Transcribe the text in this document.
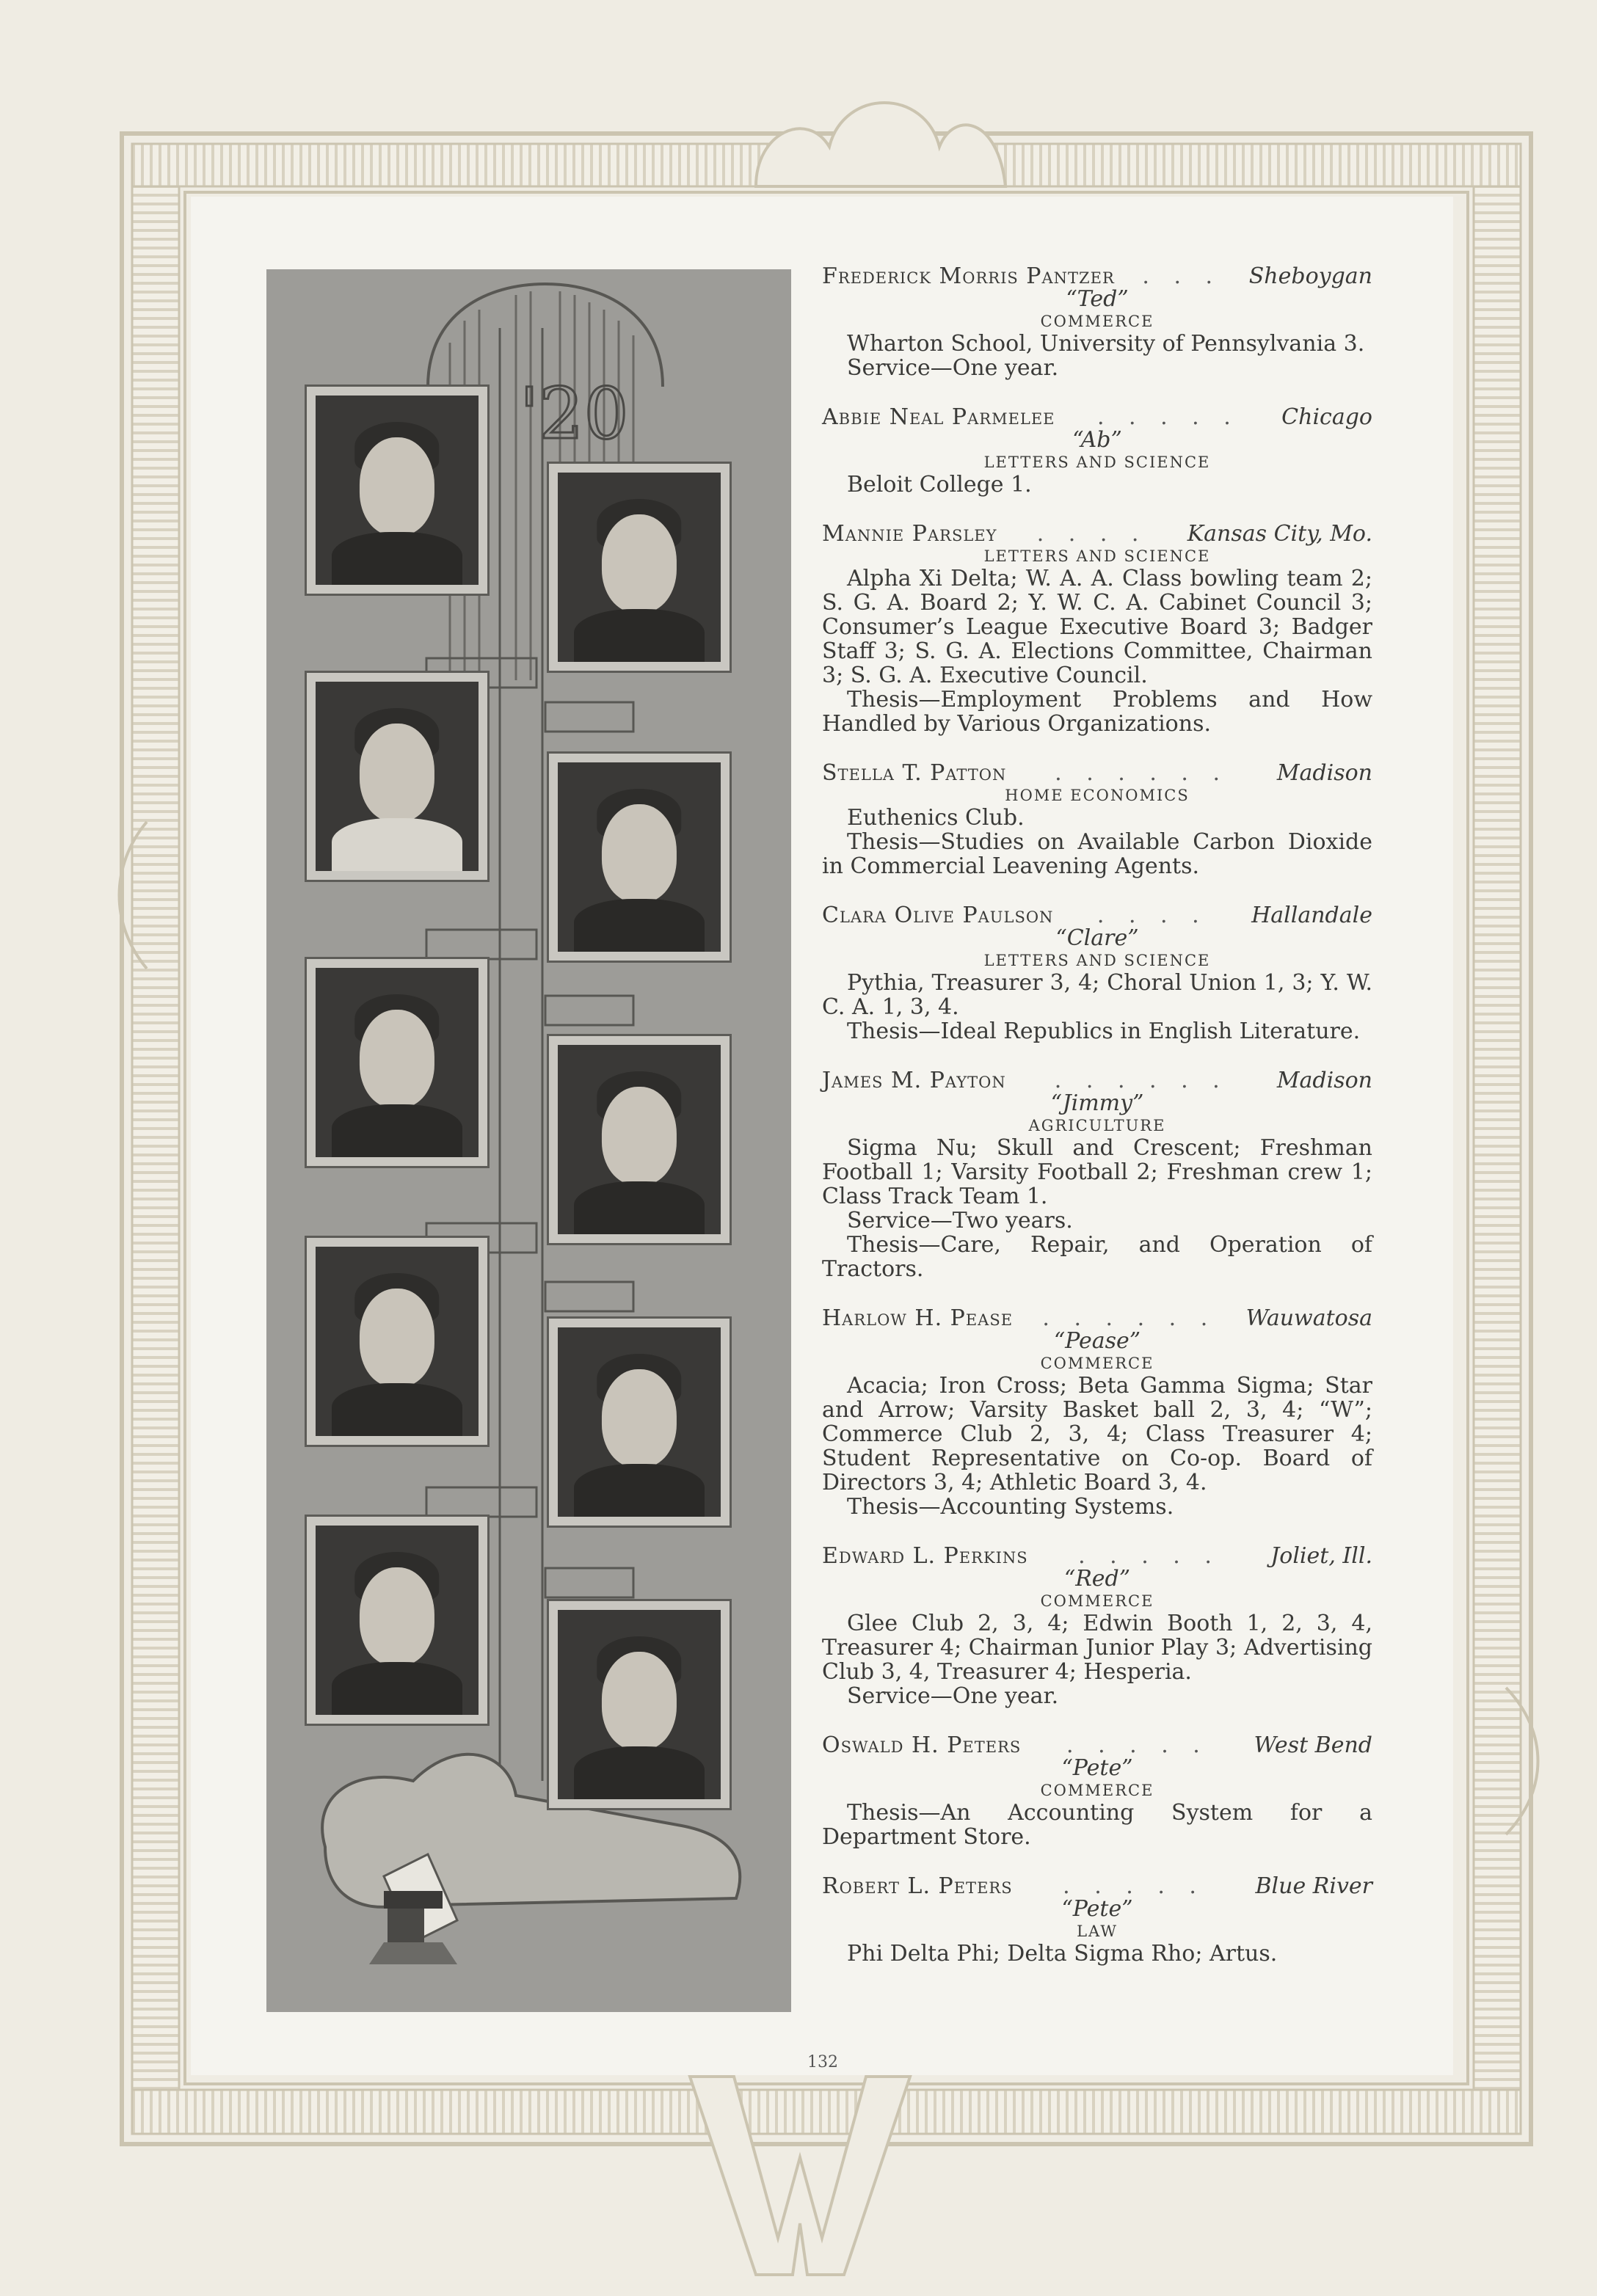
'20
Frederick Morris Pantzer	. . .	Sheboygan
“Ted”
COMMERCE
Wharton School, University of Pennsylvania 3.
Service—One year.
Abbie Neal Parmelee	. . . . .	Chicago
“Ab”
LETTERS AND SCIENCE
Beloit College 1.
Mannie Parsley	. . . .	Kansas City, Mo.
LETTERS AND SCIENCE
Alpha Xi Delta; W. A. A. Class bowling team 2; S. G. A. Board 2; Y. W. C. A. Cabinet Council 3; Consumer’s League Executive Board 3; Badger Staff 3; S. G. A. Elections Committee, Chairman 3; S. G. A. Executive Council.
Thesis—Employment Problems and How Handled by Various Organizations.
Stella T. Patton	. . . . . .	Madison
HOME ECONOMICS
Euthenics Club.
Thesis—Studies on Available Carbon Dioxide in Commercial Leavening Agents.
Clara Olive Paulson	. . . .	Hallandale
“Clare”
LETTERS AND SCIENCE
Pythia, Treasurer 3, 4; Choral Union 1, 3; Y. W. C. A. 1, 3, 4.
Thesis—Ideal Republics in English Literature.
James M. Payton	. . . . . .	Madison
“Jimmy”
AGRICULTURE
Sigma Nu; Skull and Crescent; Freshman Football 1; Varsity Football 2; Freshman crew 1; Class Track Team 1.
Service—Two years.
Thesis—Care, Repair, and Operation of Tractors.
Harlow H. Pease	. . . . . .	Wauwatosa
“Pease”
COMMERCE
Acacia; Iron Cross; Beta Gamma Sigma; Star and Arrow; Varsity Basket ball 2, 3, 4; “W”; Commerce Club 2, 3, 4; Class Treasurer 4; Student Representative on Co-op. Board of Directors 3, 4; Athletic Board 3, 4.
Thesis—Accounting Systems.
Edward L. Perkins	. . . . .	Joliet, Ill.
“Red”
COMMERCE
Glee Club 2, 3, 4; Edwin Booth 1, 2, 3, 4, Treasurer 4; Chairman Junior Play 3; Advertising Club 3, 4, Treasurer 4; Hesperia.
Service—One year.
Oswald H. Peters	. . . . .	West Bend
“Pete”
COMMERCE
Thesis—An Accounting System for a Department Store.
Robert L. Peters	. . . . .	Blue River
“Pete”
LAW
Phi Delta Phi; Delta Sigma Rho; Artus.
132
